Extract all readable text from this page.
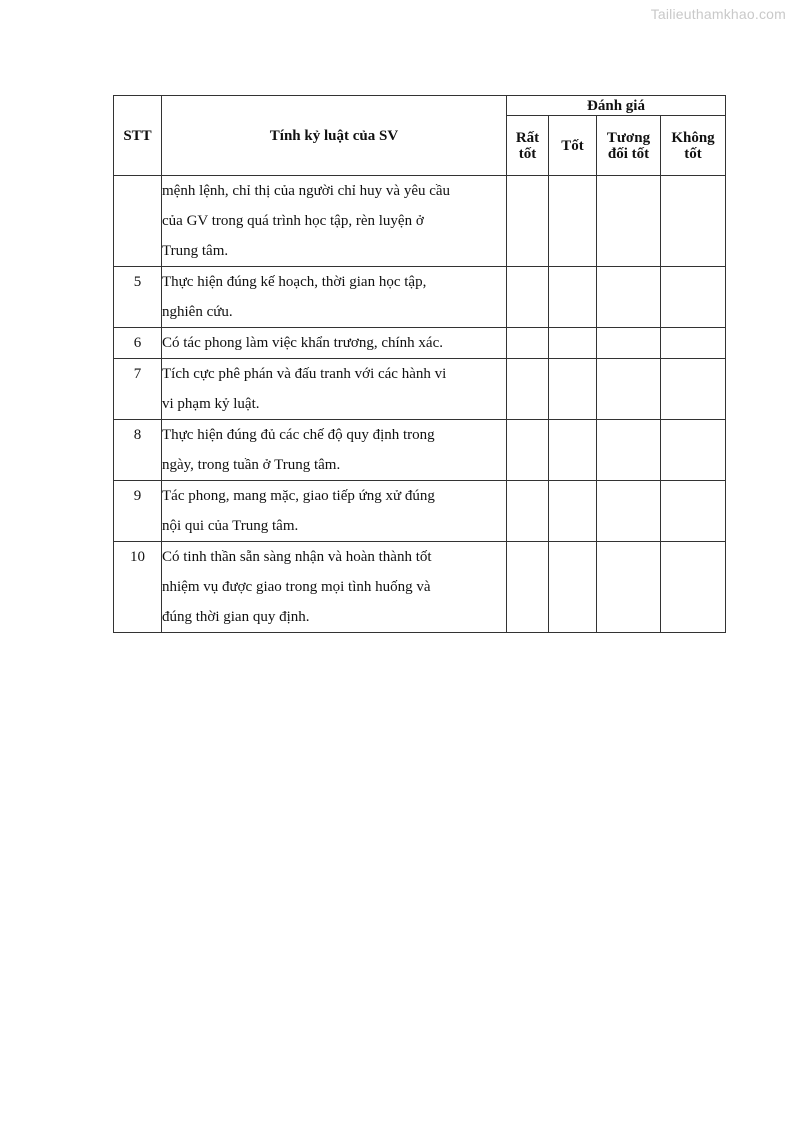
Tailieuthamkhao.com
STT	Tính kỷ luật của SV	Đánh giá			
		Rất tốt	Tốt	Tương đối tốt	Không tốt

	mệnh lệnh, chỉ thị của người chỉ huy và yêu cầu
của GV trong quá trình học tập, rèn luyện ở
Trung tâm.				

5	Thực hiện đúng kế hoạch, thời gian học tập,
nghiên cứu.				

6	Có tác phong làm việc khẩn trương, chính xác.				

7	Tích cực phê phán và đấu tranh với các hành vi
vi phạm kỷ luật.				

8	Thực hiện đúng đủ các chế độ quy định trong
ngày, trong tuần ở Trung tâm.				

9	Tác phong, mang mặc, giao tiếp ứng xử đúng
nội qui của Trung tâm.				

10	Có tinh thần sẵn sàng nhận và hoàn thành tốt
nhiệm vụ được giao trong mọi tình huống và
đúng thời gian quy định.				
